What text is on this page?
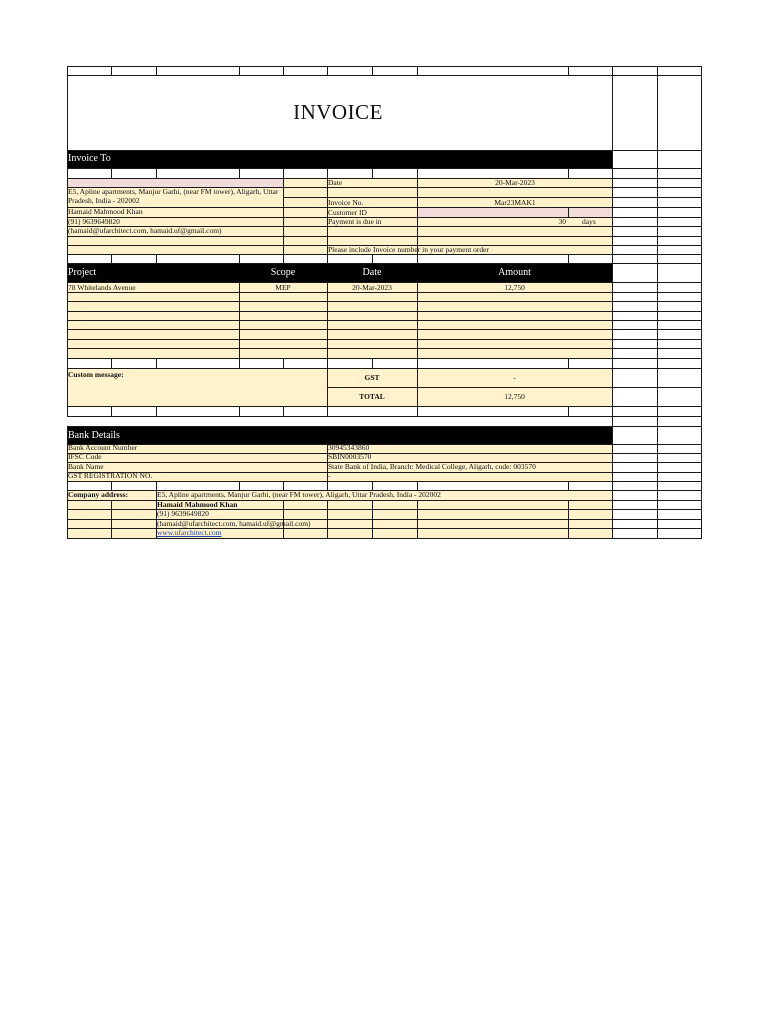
INVOICE
Invoice To
E5, Apline apartments, Manjur Garhi, (near FM tower), Aligarh, Uttar Pradesh, India - 202002
Hamaid Mahmood Khan
(91) 9639649820
(hamaid@ufarchitect.com, hamaid.uf@gmail.com)
Date	20-Mar-2023
Invoice No.	Mar23MAK1
Customer ID
Payment is due in	30 days
Please include Invoice number in your payment order
Project	Scope	Date	Amount
78 Whitelands Avenue	MEP	20-Mar-2023	12,750
Custom message:	GST	-
TOTAL	12,750
Bank Details
Bank Account Number	30945343860
IFSC Code	SBIN0003570
Bank Name	State Bank of India, Branch: Medical College, Aligarh, code: 003570
GST REGISTRATION NO.	-
Company address:	E5, Apline apartments, Manjur Garhi, (near FM tower), Aligarh, Uttar Pradesh, India - 202002
Hamaid Mahmood Khan
(91) 9639649820
(hamaid@ufarchitect.com, hamaid.uf@gmail.com)
www.ufarchitect.com
